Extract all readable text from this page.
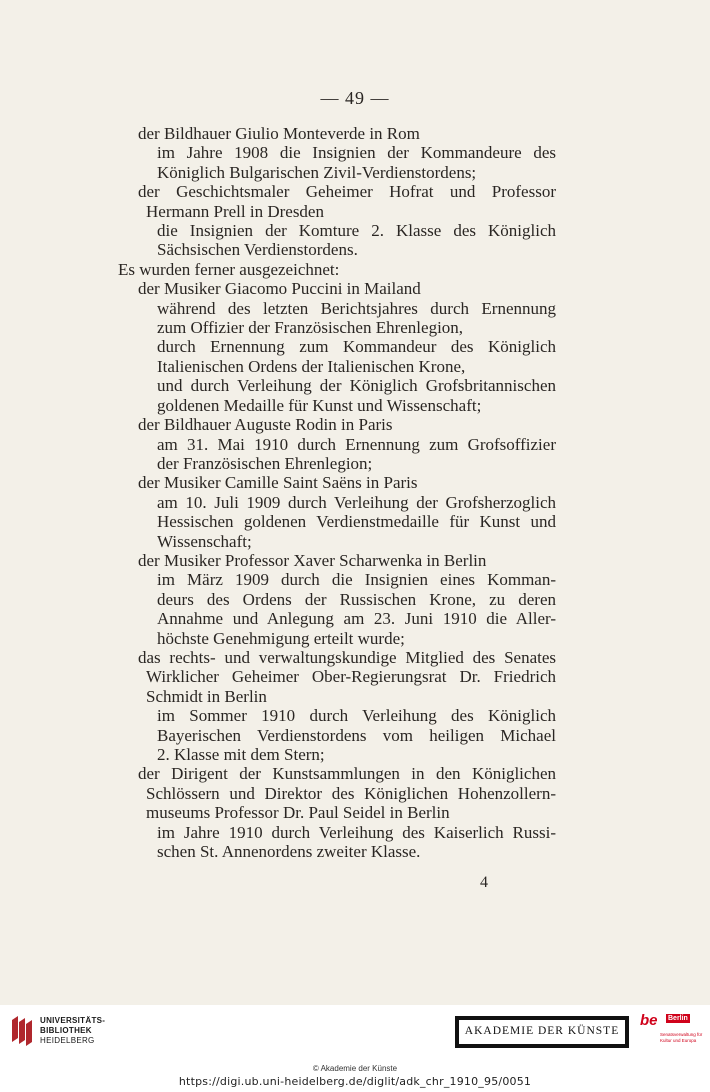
— 49 —
der Bildhauer Giulio Monteverde in Rom
im Jahre 1908 die Insignien der Kommandeure des
Königlich Bulgarischen Zivil-Verdienstordens;
der Geschichtsmaler Geheimer Hofrat und Professor
Hermann Prell in Dresden
die Insignien der Komture 2. Klasse des Königlich
Sächsischen Verdienstordens.
Es wurden ferner ausgezeichnet:
der Musiker Giacomo Puccini in Mailand
während des letzten Berichtsjahres durch Ernennung
zum Offizier der Französischen Ehrenlegion,
durch Ernennung zum Kommandeur des Königlich
Italienischen Ordens der Italienischen Krone,
und durch Verleihung der Königlich Grofsbritannischen
goldenen Medaille für Kunst und Wissenschaft;
der Bildhauer Auguste Rodin in Paris
am 31. Mai 1910 durch Ernennung zum Grofsoffizier
der Französischen Ehrenlegion;
der Musiker Camille Saint Saëns in Paris
am 10. Juli 1909 durch Verleihung der Grofsherzoglich
Hessischen goldenen Verdienstmedaille für Kunst und
Wissenschaft;
der Musiker Professor Xaver Scharwenka in Berlin
im März 1909 durch die Insignien eines Komman-
deurs des Ordens der Russischen Krone, zu deren
Annahme und Anlegung am 23. Juni 1910 die Aller-
höchste Genehmigung erteilt wurde;
das rechts- und verwaltungskundige Mitglied des Senates
Wirklicher Geheimer Ober-Regierungsrat Dr. Friedrich
Schmidt in Berlin
im Sommer 1910 durch Verleihung des Königlich
Bayerischen Verdienstordens vom heiligen Michael
2. Klasse mit dem Stern;
der Dirigent der Kunstsammlungen in den Königlichen
Schlössern und Direktor des Königlichen Hohenzollern-
museums Professor Dr. Paul Seidel in Berlin
im Jahre 1910 durch Verleihung des Kaiserlich Russi-
schen St. Annenordens zweiter Klasse.
4
UNIVERSITÄTS-
BIBLIOTHEK
HEIDELBERG
AKADEMIE DER KÜNSTE
be Berlin
Senatsverwaltung für Kultur und Europa
© Akademie der Künste
https://digi.ub.uni-heidelberg.de/diglit/adk_chr_1910_95/0051
